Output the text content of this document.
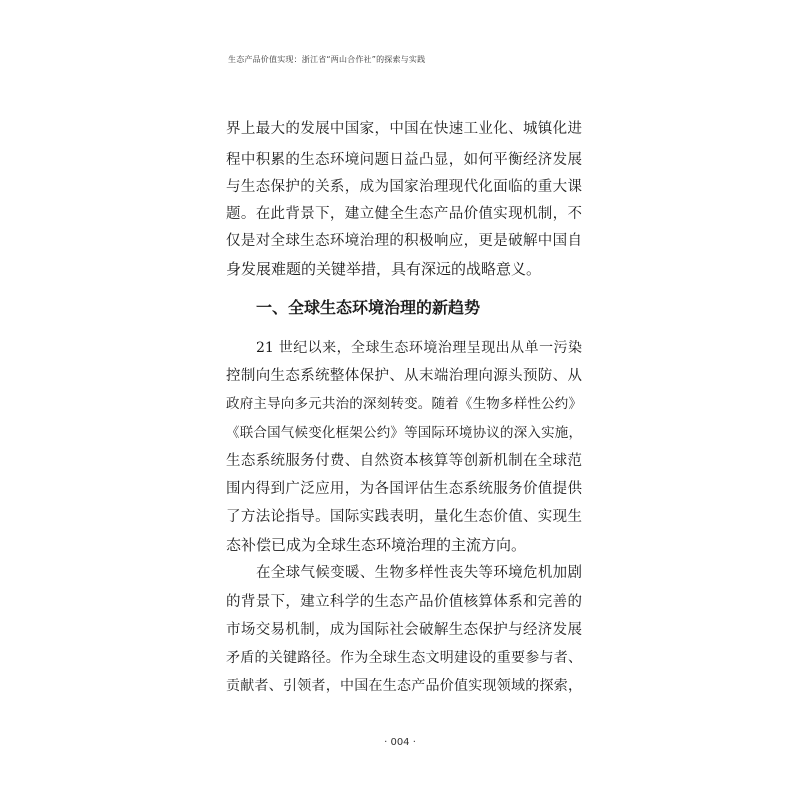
生态产品价值实现：浙江省“两山合作社”的探索与实践
界上最大的发展中国家，中国在快速工业化、城镇化进
程中积累的生态环境问题日益凸显，如何平衡经济发展
与生态保护的关系，成为国家治理现代化面临的重大课
题。在此背景下，建立健全生态产品价值实现机制，不
仅是对全球生态环境治理的积极响应，更是破解中国自
身发展难题的关键举措，具有深远的战略意义。
一、全球生态环境治理的新趋势
21 世纪以来，全球生态环境治理呈现出从单一污染
控制向生态系统整体保护、从末端治理向源头预防、从
政府主导向多元共治的深刻转变。随着《生物多样性公约》
《联合国气候变化框架公约》等国际环境协议的深入实施，
生态系统服务付费、自然资本核算等创新机制在全球范
围内得到广泛应用，为各国评估生态系统服务价值提供
了方法论指导。国际实践表明，量化生态价值、实现生
态补偿已成为全球生态环境治理的主流方向。
在全球气候变暖、生物多样性丧失等环境危机加剧
的背景下，建立科学的生态产品价值核算体系和完善的
市场交易机制，成为国际社会破解生态保护与经济发展
矛盾的关键路径。作为全球生态文明建设的重要参与者、
贡献者、引领者，中国在生态产品价值实现领域的探索，
· 004 ·
